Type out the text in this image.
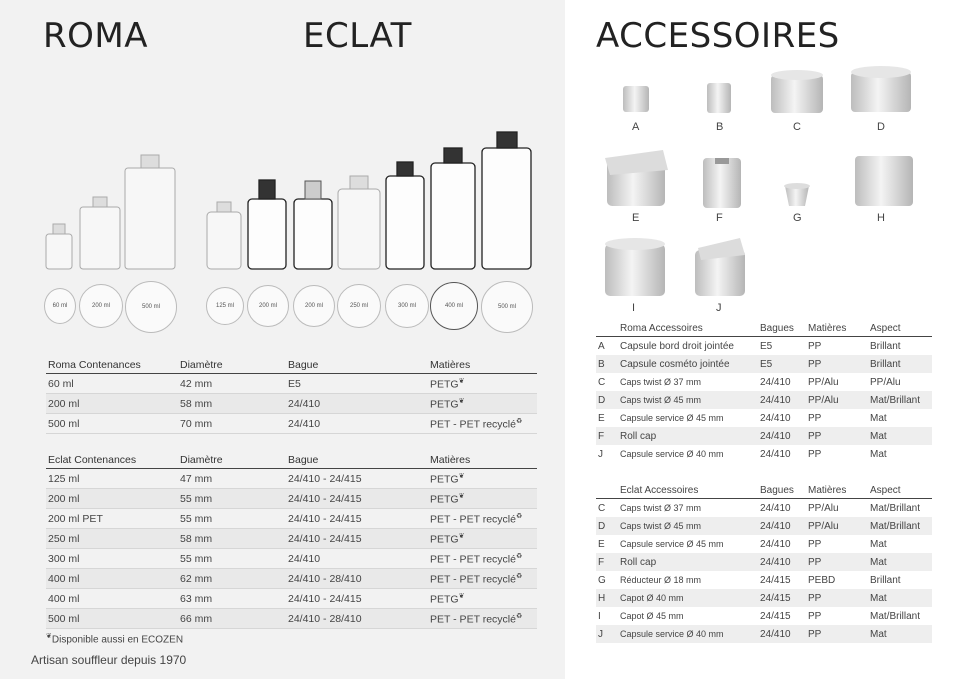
ROMA	ECLAT
60 ml	200 ml	500 ml	125 ml	200 ml	200 ml	250 ml	300 ml	400 ml	500 ml
Roma Contenances	Diamètre	Bague	Matières
60 ml	42 mm	E5	PETG❦
200 ml	58 mm	24/410	PETG❦
500 ml	70 mm	24/410	PET - PET recyclé♻
Eclat Contenances	Diamètre	Bague	Matières
125 ml	47 mm	24/410 - 24/415	PETG❦
200 ml	55 mm	24/410 - 24/415	PETG❦
200 ml PET	55 mm	24/410 - 24/415	PET - PET recyclé♻
250 ml	58 mm	24/410 - 24/415	PETG❦
300 ml	55 mm	24/410	PET - PET recyclé♻
400 ml	62 mm	24/410 - 28/410	PET - PET recyclé♻
400 ml	63 mm	24/410 - 24/415	PETG❦
500 ml	66 mm	24/410 - 28/410	PET - PET recyclé♻
❦Disponible aussi en ECOZEN
Artisan souffleur depuis 1970
ACCESSOIRES
A	B	C	D
E	F	G	H
I	J
	Roma Accessoires	Bagues	Matières	Aspect
A	Capsule bord droit jointée	E5	PP	Brillant
B	Capsule cosméto jointée	E5	PP	Brillant
C	Caps twist Ø 37 mm	24/410	PP/Alu	PP/Alu
D	Caps twist Ø 45 mm	24/410	PP/Alu	Mat/Brillant
E	Capsule service Ø 45 mm	24/410	PP	Mat
F	Roll cap	24/410	PP	Mat
J	Capsule service Ø 40 mm	24/410	PP	Mat
	Eclat Accessoires	Bagues	Matières	Aspect
C	Caps twist Ø 37 mm	24/410	PP/Alu	Mat/Brillant
D	Caps twist Ø 45 mm	24/410	PP/Alu	Mat/Brillant
E	Capsule service Ø 45 mm	24/410	PP	Mat
F	Roll cap	24/410	PP	Mat
G	Réducteur Ø 18 mm	24/415	PEBD	Brillant
H	Capot Ø 40 mm	24/415	PP	Mat
I	Capot Ø 45 mm	24/415	PP	Mat/Brillant
J	Capsule service Ø 40 mm	24/410	PP	Mat
